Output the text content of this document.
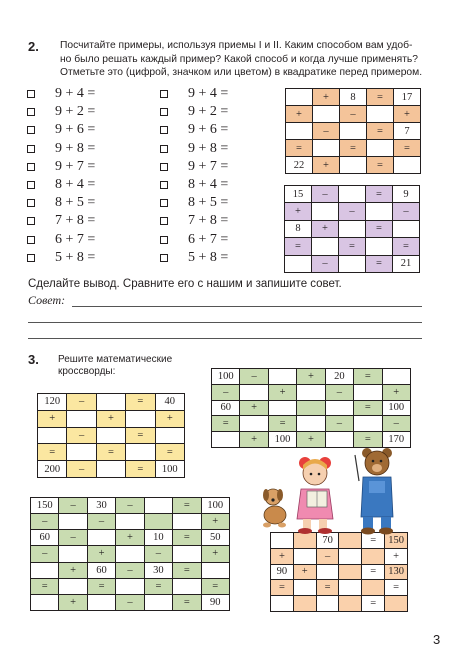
2. Посчитайте примеры, используя приемы I и II. Каким способом вам удоб-
но было решать каждый пример? Какой способ и когда лучше применять?
Отметьте это (цифрой, значком или цветом) в квадратике перед примером.
9 + 4 =
9 + 2 =
9 + 6 =
9 + 8 =
9 + 7 =
8 + 4 =
8 + 5 =
7 + 8 =
6 + 7 =
5 + 8 =
9 + 4 =
9 + 2 =
9 + 6 =
9 + 8 =
9 + 7 =
8 + 4 =
8 + 5 =
7 + 8 =
6 + 7 =
5 + 8 =
	+	8	=	17
+		–		+
	–		=	7
=		=		=
22	+		=	
15	–		=	9
+		–		–
8	+		=	
=		=		=
	–		=	21
Сделайте вывод. Сравните его с нашим и запишите совет.
Совет:
3. Решите математические
кроссворды:
120	–		=	40
+		+		+
	–		=	
=		=		=
200	–		=	100
100	–		+	20	=	
–		+		–		+
60	+				=	100
=		=		–		–
	+	100	+		=	170
150	–	30	–		=	100
–		–				+
60	–		+	10	=	50
–		+		–		+
	+	60	–	30	=	
=		=		=		=
	+		–		=	90
		70		=	150
+		–			+
90	+			=	130
=		=			=
				=	
3
